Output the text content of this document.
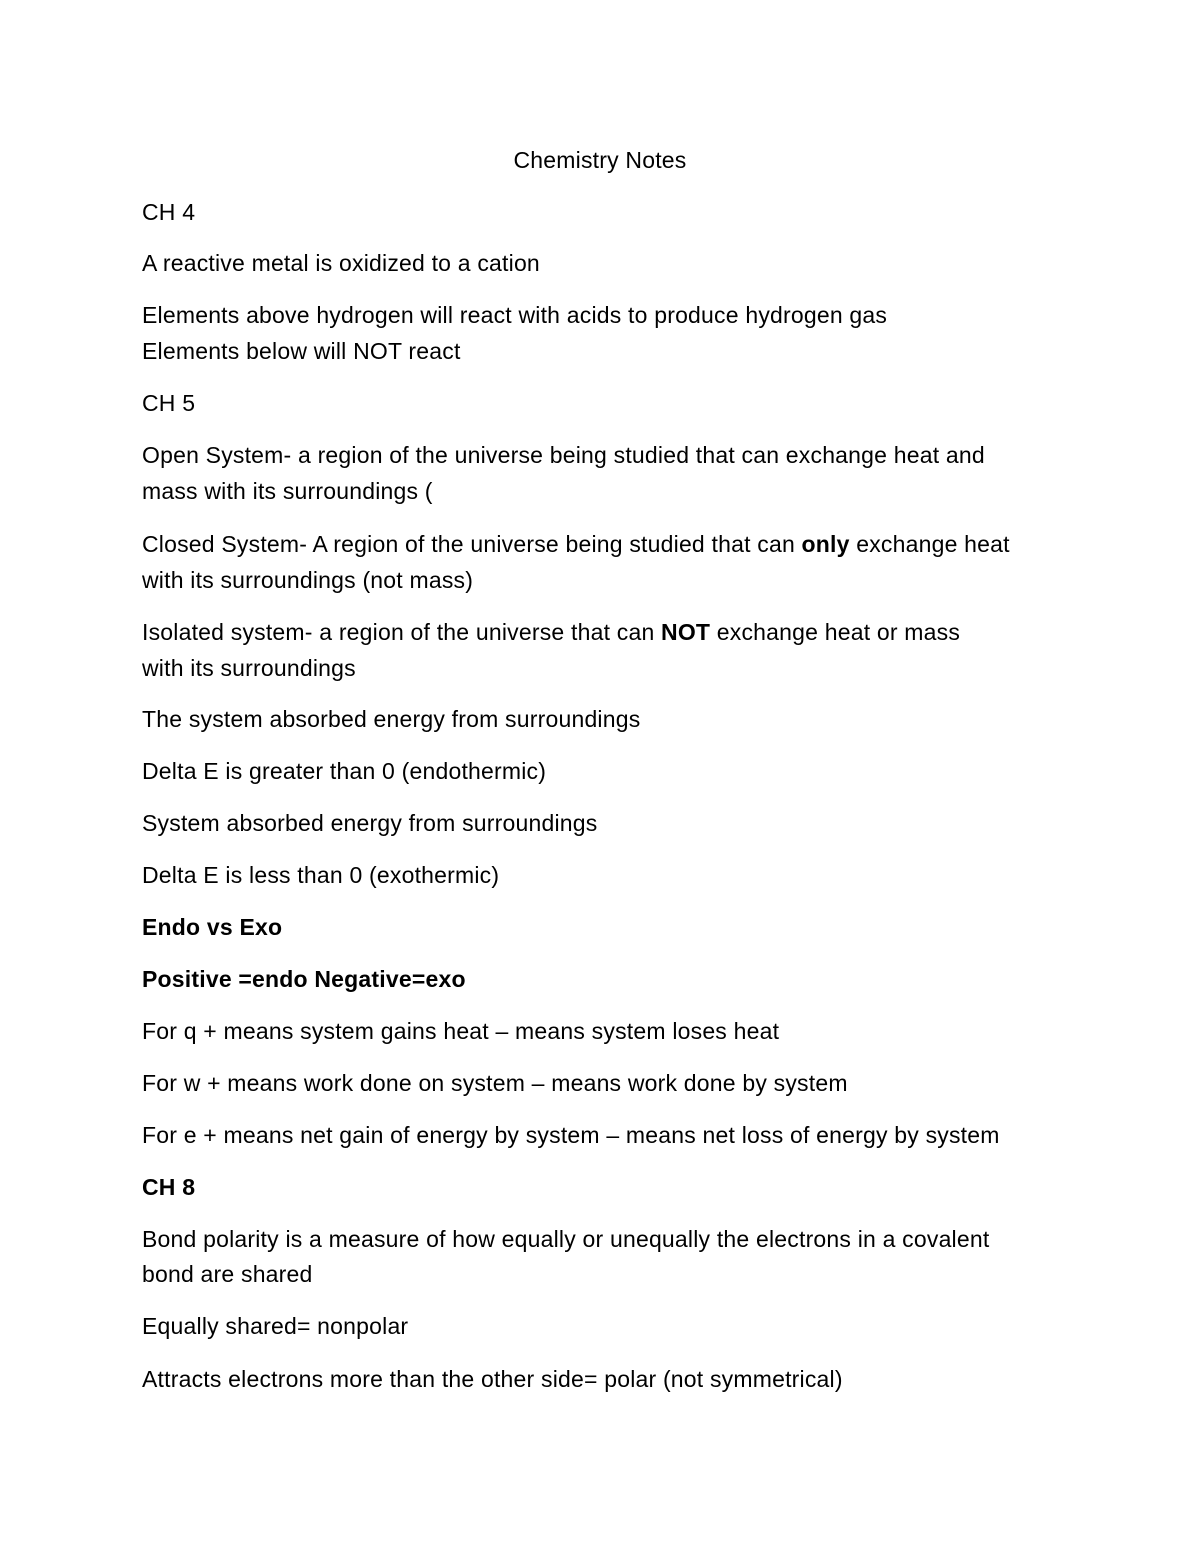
Chemistry Notes
CH 4
A reactive metal is oxidized to a cation
Elements above hydrogen will react with acids to produce hydrogen gas
Elements below will NOT react
CH 5
Open System- a region of the universe being studied that can exchange heat and
mass with its surroundings (
Closed System- A region of the universe being studied that can only exchange heat
with its surroundings (not mass)
Isolated system- a region of the universe that can NOT exchange heat or mass
with its surroundings
The system absorbed energy from surroundings
Delta E is greater than 0 (endothermic)
System absorbed energy from surroundings
Delta E is less than 0 (exothermic)
Endo vs Exo
Positive =endo Negative=exo
For q + means system gains heat – means system loses heat
For w + means work done on system – means work done by system
For e + means net gain of energy by system – means net loss of energy by system
CH 8
Bond polarity is a measure of how equally or unequally the electrons in a covalent
bond are shared
Equally shared= nonpolar
Attracts electrons more than the other side= polar (not symmetrical)
